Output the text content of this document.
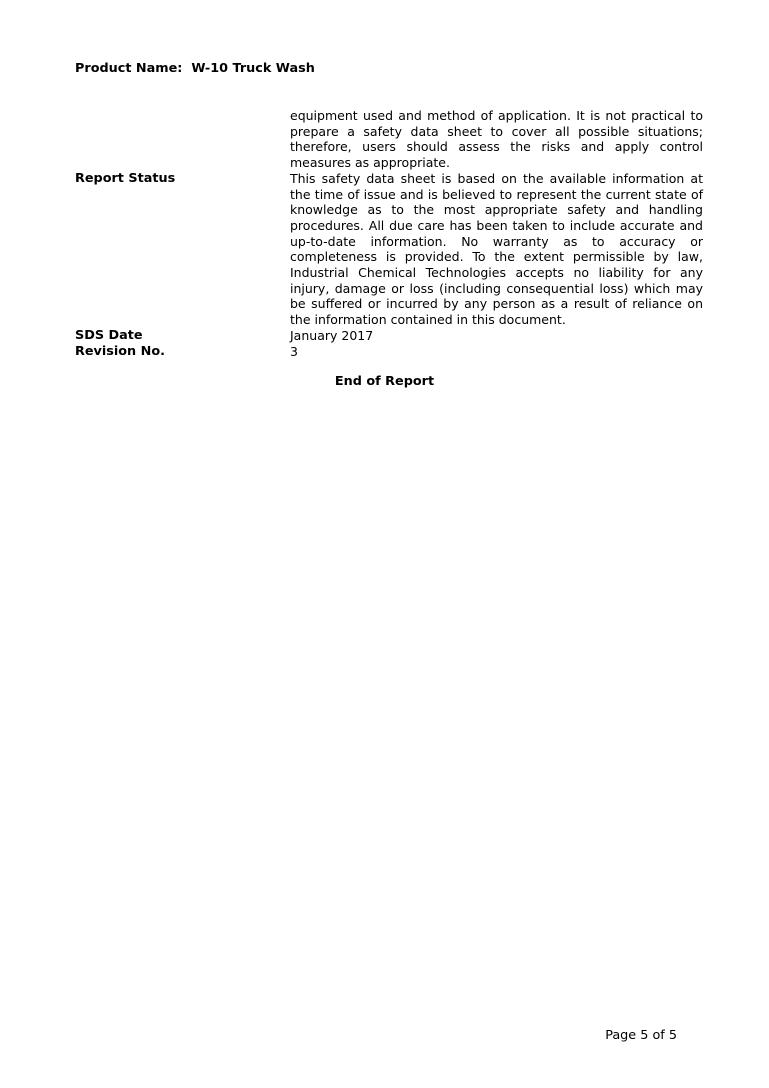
Product Name: W-10 Truck Wash
equipment used and method of application. It is not practical to prepare a safety data sheet to cover all possible situations; therefore, users should assess the risks and apply control measures as appropriate.
Report Status	This safety data sheet is based on the available information at the time of issue and is believed to represent the current state of knowledge as to the most appropriate safety and handling procedures. All due care has been taken to include accurate and up-to-date information. No warranty as to accuracy or completeness is provided. To the extent permissible by law, Industrial Chemical Technologies accepts no liability for any injury, damage or loss (including consequential loss) which may be suffered or incurred by any person as a result of reliance on the information contained in this document.
SDS Date	January 2017
Revision No.	3
End of Report
Page 5 of 5
